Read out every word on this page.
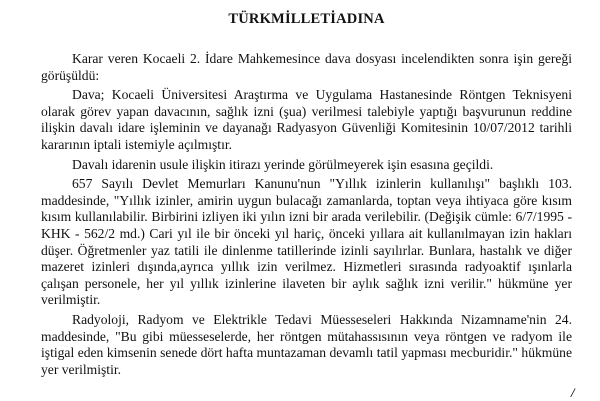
TÜRKMİLLETİADINA

Karar veren Kocaeli 2. İdare Mahkemesince dava dosyası incelendikten sonra işin gereği görüşüldü:

Dava; Kocaeli Üniversitesi Araştırma ve Uygulama Hastanesinde Röntgen Teknisyeni olarak görev yapan davacının, sağlık izni (şua) verilmesi talebiyle yaptığı başvurunun reddine ilişkin davalı idare işleminin ve dayanağı Radyasyon Güvenliği Komitesinin 10/07/2012 tarihli kararının iptali istemiyle açılmıştır.

Davalı idarenin usule ilişkin itirazı yerinde görülmeyerek işin esasına geçildi.

657 Sayılı Devlet Memurları Kanunu'nun "Yıllık izinlerin kullanılışı" başlıklı 103. maddesinde, "Yıllık izinler, amirin uygun bulacağı zamanlarda, toptan veya ihtiyaca göre kısım kısım kullanılabilir. Birbirini izliyen iki yılın izni bir arada verilebilir. (Değişik cümle: 6/7/1995 - KHK - 562/2 md.) Cari yıl ile bir önceki yıl hariç, önceki yıllara ait kullanılmayan izin hakları düşer. Öğretmenler yaz tatili ile dinlenme tatillerinde izinli sayılırlar. Bunlara, hastalık ve diğer mazeret izinleri dışında,ayrıca yıllık izin verilmez. Hizmetleri sırasında radyoaktif ışınlarla çalışan personele, her yıl yıllık izinlerine ilaveten bir aylık sağlık izni verilir." hükmüne yer verilmiştir.

Radyoloji, Radyom ve Elektrikle Tedavi Müesseseleri Hakkında Nizamname'nin 24. maddesinde, "Bu gibi müesseselerde, her röntgen mütahassısının veya röntgen ve radyom ile iştigal eden kimsenin senede dört hafta muntazaman devamlı tatil yapması mecburidir." hükmüne yer verilmiştir.

/
